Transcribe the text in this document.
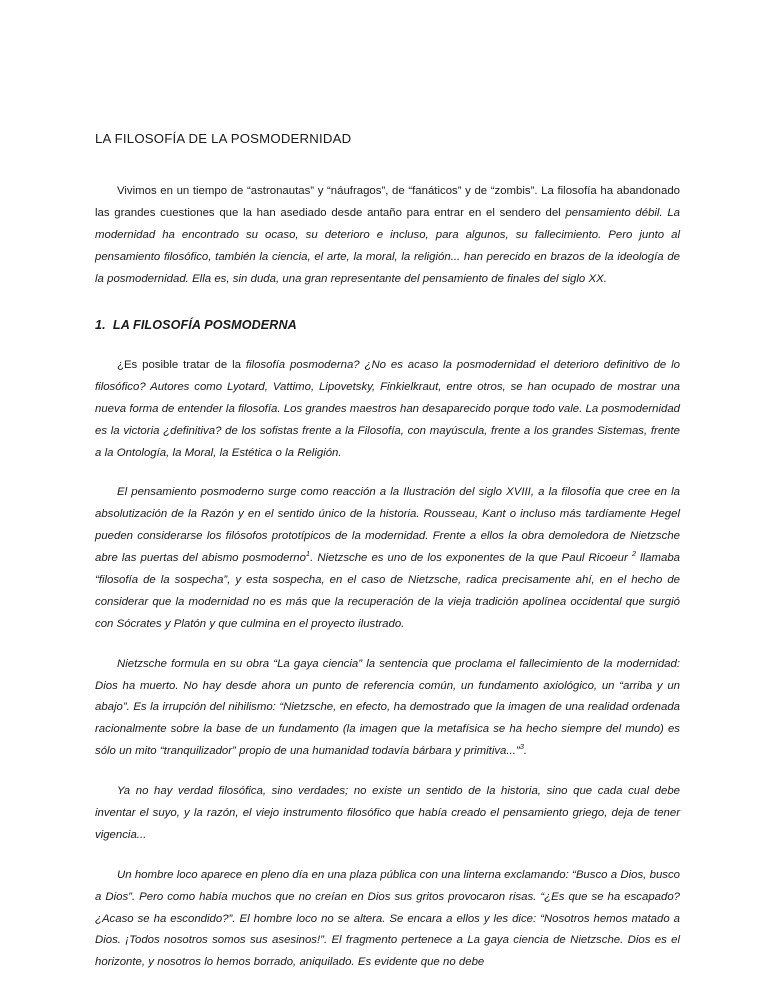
LA FILOSOFÍA DE LA POSMODERNIDAD

Vivimos en un tiempo de “astronautas” y “náufragos”, de “fanáticos” y de “zombis”. La filosofía ha abandonado las grandes cuestiones que la han asediado desde antaño para entrar en el sendero del pensamiento débil. La modernidad ha encontrado su ocaso, su deterioro e incluso, para algunos, su fallecimiento. Pero junto al pensamiento filosófico, también la ciencia, el arte, la moral, la religión... han perecido en brazos de la ideología de la posmodernidad. Ella es, sin duda, una gran representante del pensamiento de finales del siglo XX.

1. LA FILOSOFÍA POSMODERNA

¿Es posible tratar de la filosofía posmoderna? ¿No es acaso la posmodernidad el deterioro definitivo de lo filosófico? Autores como Lyotard, Vattimo, Lipovetsky, Finkielkraut, entre otros, se han ocupado de mostrar una nueva forma de entender la filosofía. Los grandes maestros han desaparecido porque todo vale. La posmodernidad es la victoria ¿definitiva? de los sofistas frente a la Filosofía, con mayúscula, frente a los grandes Sistemas, frente a la Ontología, la Moral, la Estética o la Religión.

El pensamiento posmoderno surge como reacción a la Ilustración del siglo XVIII, a la filosofía que cree en la absolutización de la Razón y en el sentido único de la historia. Rousseau, Kant o incluso más tardíamente Hegel pueden considerarse los filósofos prototípicos de la modernidad. Frente a ellos la obra demoledora de Nietzsche abre las puertas del abismo posmoderno$^1$. Nietzsche es uno de los exponentes de la que Paul Ricoeur $^2$ llamaba “filosofía de la sospecha”, y esta sospecha, en el caso de Nietzsche, radica precisamente ahí, en el hecho de considerar que la modernidad no es más que la recuperación de la vieja tradición apolínea occidental que surgió con Sócrates y Platón y que culmina en el proyecto ilustrado.

Nietzsche formula en su obra “La gaya ciencia” la sentencia que proclama el fallecimiento de la modernidad: Dios ha muerto. No hay desde ahora un punto de referencia común, un fundamento axiológico, un “arriba y un abajo”. Es la irrupción del nihilismo: “Nietzsche, en efecto, ha demostrado que la imagen de una realidad ordenada racionalmente sobre la base de un fundamento (la imagen que la metafísica se ha hecho siempre del mundo) es sólo un mito “tranquilizador” propio de una humanidad todavía bárbara y primitiva...”$^3$.

Ya no hay verdad filosófica, sino verdades; no existe un sentido de la historia, sino que cada cual debe inventar el suyo, y la razón, el viejo instrumento filosófico que había creado el pensamiento griego, deja de tener vigencia...

Un hombre loco aparece en pleno día en una plaza pública con una linterna exclamando: “Busco a Dios, busco a Dios”. Pero como había muchos que no creían en Dios sus gritos provocaron risas. “¿Es que se ha escapado? ¿Acaso se ha escondido?”. El hombre loco no se altera. Se encara a ellos y les dice: “Nosotros hemos matado a Dios. ¡Todos nosotros somos sus asesinos!”. El fragmento pertenece a La gaya ciencia de Nietzsche. Dios es el horizonte, y nosotros lo hemos borrado, aniquilado. Es evidente que no debe
